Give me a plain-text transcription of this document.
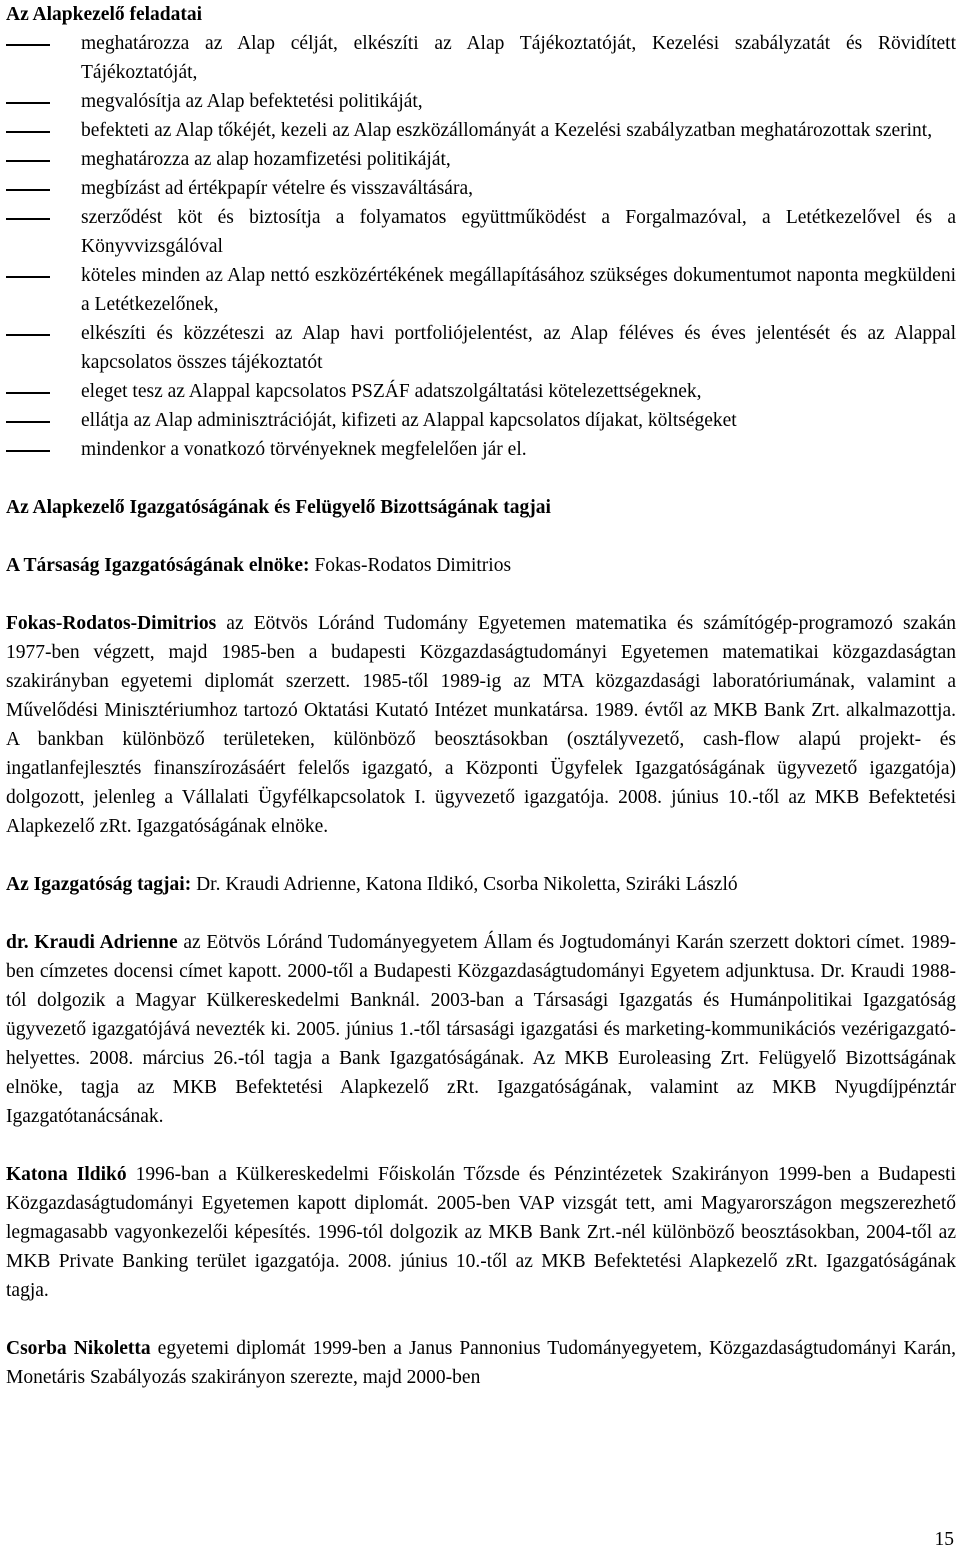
Az Alapkezelő feladatai
meghatározza az Alap célját, elkészíti az Alap Tájékoztatóját, Kezelési szabályzatát és Rövidített Tájékoztatóját,
megvalósítja az Alap befektetési politikáját,
befekteti az Alap tőkéjét, kezeli az Alap eszközállományát a Kezelési szabályzatban meghatározottak szerint,
meghatározza az alap hozamfizetési politikáját,
megbízást ad értékpapír vételre és visszaváltására,
szerződést köt és biztosítja a folyamatos együttműködést a Forgalmazóval, a Letétkezelővel és a Könyvvizsgálóval
köteles minden az Alap nettó eszközértékének megállapításához szükséges dokumentumot naponta megküldeni a Letétkezelőnek,
elkészíti és közzéteszi az Alap havi portfoliójelentést, az Alap féléves és éves jelentését és az Alappal kapcsolatos összes tájékoztatót
eleget tesz az Alappal kapcsolatos PSZÁF adatszolgáltatási kötelezettségeknek,
ellátja az Alap adminisztrációját, kifizeti az Alappal kapcsolatos díjakat, költségeket
mindenkor a vonatkozó törvényeknek megfelelően jár el.
Az Alapkezelő Igazgatóságának és Felügyelő Bizottságának tagjai

A Társaság Igazgatóságának elnöke: Fokas-Rodatos Dimitrios

Fokas-Rodatos-Dimitrios az Eötvös Lóránd Tudomány Egyetemen matematika és számítógép-programozó szakán 1977-ben végzett, majd 1985-ben a budapesti Közgazdaságtudományi Egyetemen matematikai közgazdaságtan szakirányban egyetemi diplomát szerzett. 1985-től 1989-ig az MTA közgazdasági laboratóriumának, valamint a Művelődési Minisztériumhoz tartozó Oktatási Kutató Intézet munkatársa. 1989. évtől az MKB Bank Zrt. alkalmazottja. A bankban különböző területeken, különböző beosztásokban (osztályvezető, cash-flow alapú projekt- és ingatlanfejlesztés finanszírozásáért felelős igazgató, a Központi Ügyfelek Igazgatóságának ügyvezető igazgatója) dolgozott, jelenleg a Vállalati Ügyfélkapcsolatok I. ügyvezető igazgatója. 2008. június 10.-től az MKB Befektetési Alapkezelő zRt. Igazgatóságának elnöke.

Az Igazgatóság tagjai: Dr. Kraudi Adrienne, Katona Ildikó, Csorba Nikoletta, Sziráki László

dr. Kraudi Adrienne az Eötvös Lóránd Tudományegyetem Állam és Jogtudományi Karán szerzett doktori címet. 1989-ben címzetes docensi címet kapott. 2000-től a Budapesti Közgazdaságtudományi Egyetem adjunktusa. Dr. Kraudi 1988-tól dolgozik a Magyar Külkereskedelmi Banknál. 2003-ban a Társasági Igazgatás és Humánpolitikai Igazgatóság ügyvezető igazgatójává nevezték ki. 2005. június 1.-től társasági igazgatási és marketing-kommunikációs vezérigazgató-helyettes. 2008. március 26.-tól tagja a Bank Igazgatóságának. Az MKB Euroleasing Zrt. Felügyelő Bizottságának elnöke, tagja az MKB Befektetési Alapkezelő zRt. Igazgatóságának, valamint az MKB Nyugdíjpénztár Igazgatótanácsának.

Katona Ildikó 1996-ban a Külkereskedelmi Főiskolán Tőzsde és Pénzintézetek Szakirányon 1999-ben a Budapesti Közgazdaságtudományi Egyetemen kapott diplomát. 2005-ben VAP vizsgát tett, ami Magyarországon megszerezhető legmagasabb vagyonkezelői képesítés. 1996-tól dolgozik az MKB Bank Zrt.-nél különböző beosztásokban, 2004-től az MKB Private Banking terület igazgatója. 2008. június 10.-től az MKB Befektetési Alapkezelő zRt. Igazgatóságának tagja.

Csorba Nikoletta egyetemi diplomát 1999-ben a Janus Pannonius Tudományegyetem, Közgazdaságtudományi Karán, Monetáris Szabályozás szakirányon szerezte, majd 2000-ben

15
